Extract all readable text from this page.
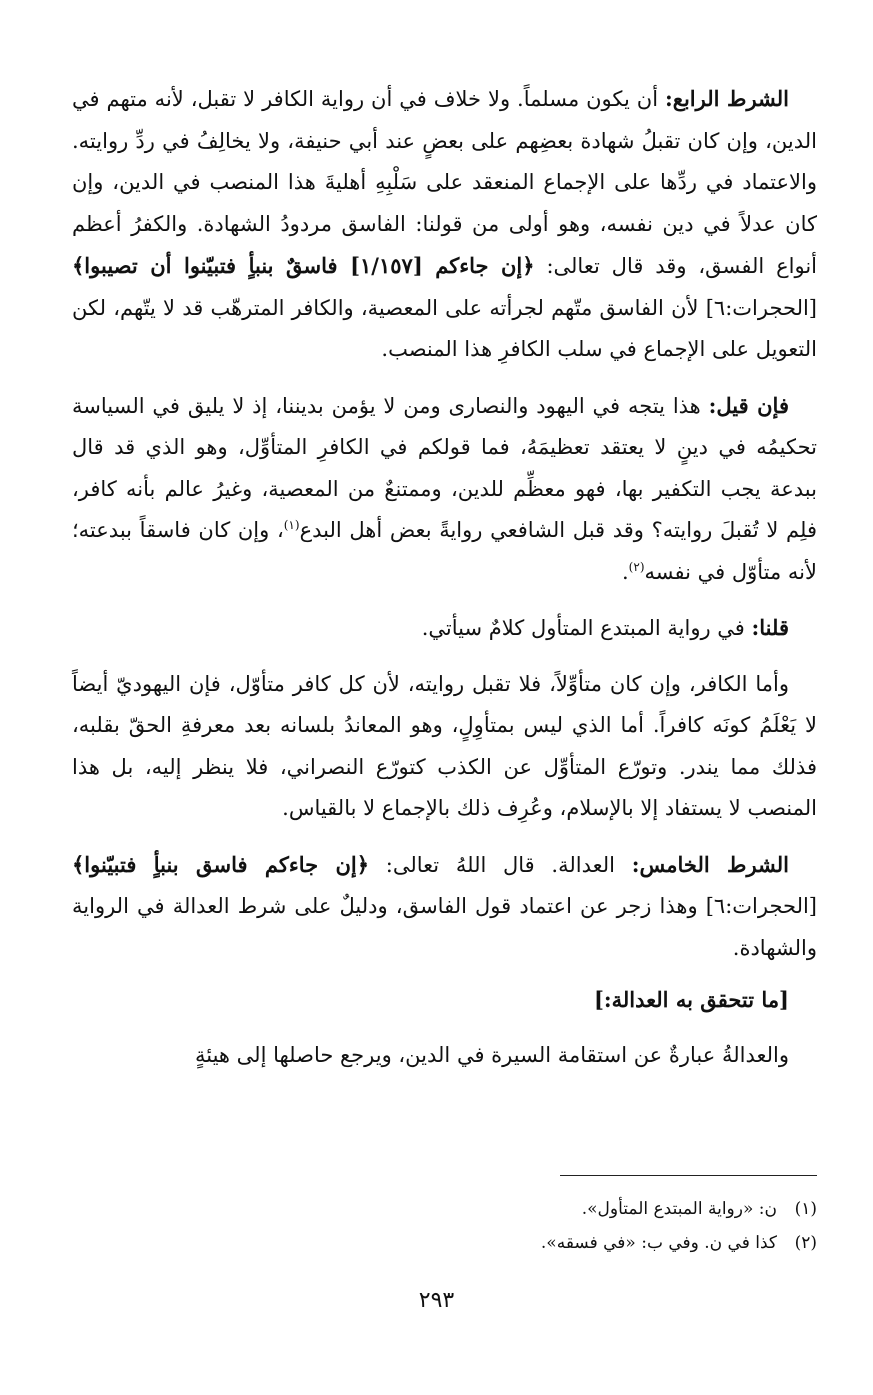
الشرط الرابع: أن يكون مسلماً. ولا خلاف في أن رواية الكافر لا تقبل، لأنه متهم في الدين، وإن كان تقبلُ شهادة بعضِهم على بعضٍ عند أبي حنيفة، ولا يخالِفُ في ردِّ روايته. والاعتماد في ردِّها على الإجماع المنعقد على سَلْبِهِ أهليةَ هذا المنصب في الدين، وإن كان عدلاً في دين نفسه، وهو أولى من قولنا: الفاسق مردودُ الشهادة. والكفرُ أعظم أنواع الفسق، وقد قال تعالى: ﴿إن جاءكم [١/١٥٧] فاسقٌ بنبأٍ فتبيّنوا أن تصيبوا﴾ [الحجرات:٦] لأن الفاسق متّهم لجرأته على المعصية، والكافر المترهّب قد لا يتّهم، لكن التعويل على الإجماع في سلب الكافرِ هذا المنصب.

فإن قيل: هذا يتجه في اليهود والنصارى ومن لا يؤمن بديننا، إذ لا يليق في السياسة تحكيمُه في دينٍ لا يعتقد تعظيمَهُ، فما قولكم في الكافرِ المتأوِّل، وهو الذي قد قال ببدعة يجب التكفير بها، فهو معظِّم للدين، وممتنعٌ من المعصية، وغيرُ عالم بأنه كافر، فلِم لا تُقبلَ روايته؟ وقد قبل الشافعي روايةً بعض أهل البدع$^{(١)}$، وإن كان فاسقاً ببدعته؛ لأنه متأوّل في نفسه$^{(٢)}$.

قلنا: في رواية المبتدع المتأول كلامٌ سيأتي.

وأما الكافر، وإن كان متأوِّلاً، فلا تقبل روايته، لأن كل كافر متأوّل، فإن اليهوديّ أيضاً لا يَعْلَمُ كونَه كافراً. أما الذي ليس بمتأوِلٍ، وهو المعاندُ بلسانه بعد معرفةِ الحقّ بقلبه، فذلك مما يندر. وتورّع المتأوِّل عن الكذب كتورّع النصراني، فلا ينظر إليه، بل هذا المنصب لا يستفاد إلا بالإسلام، وعُرِف ذلك بالإجماع لا بالقياس.

الشرط الخامس: العدالة. قال اللهُ تعالى: ﴿إن جاءكم فاسق بنبأٍ فتبيّنوا﴾ [الحجرات:٦] وهذا زجر عن اعتماد قول الفاسق، ودليلٌ على شرط العدالة في الرواية والشهادة.

[ما تتحقق به العدالة:]

والعدالةُ عبارةٌ عن استقامة السيرة في الدين، ويرجع حاصلها إلى هيئةٍ

(١)ن: «رواية المبتدع المتأول».

(٢)كذا في ن. وفي ب: «في فسقه».

٢٩٣
